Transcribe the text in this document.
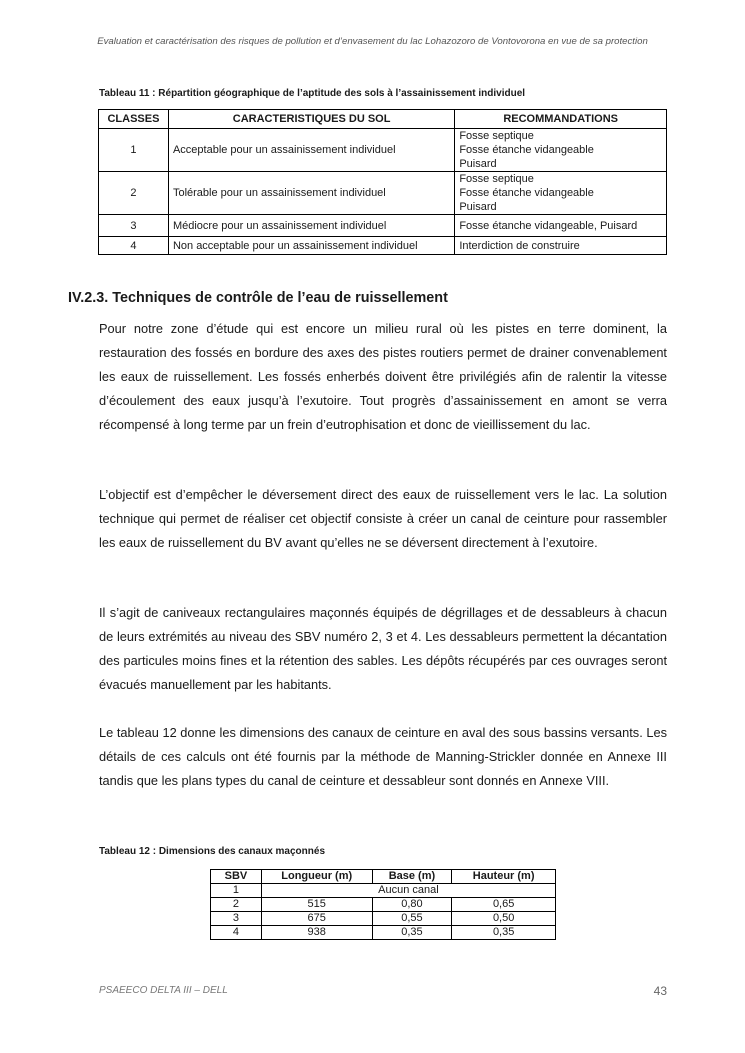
Evaluation et caractérisation des risques de pollution et d’envasement du lac Lohazozoro de Vontovorona en vue de sa protection
Tableau 11 : Répartition géographique de l’aptitude des sols à l’assainissement individuel
CLASSES	CARACTERISTIQUES DU SOL	RECOMMANDATIONS
1	Acceptable pour un assainissement individuel	Fosse septique
Fosse étanche vidangeable
Puisard

2	Tolérable pour un assainissement individuel	Fosse septique
Fosse étanche vidangeable
Puisard

3	Médiocre pour un assainissement individuel	Fosse étanche vidangeable, Puisard
4	Non acceptable pour un assainissement individuel	Interdiction de construire
IV.2.3. Techniques de contrôle de l’eau de ruissellement

Pour notre zone d’étude qui est encore un milieu rural où les pistes en terre dominent, la restauration des fossés en bordure des axes des pistes routiers permet de drainer convenablement les eaux de ruissellement. Les fossés enherbés doivent être privilégiés afin de ralentir la vitesse d’écoulement des eaux jusqu’à l’exutoire. Tout progrès d’assainissement en amont se verra récompensé à long terme par un frein d’eutrophisation et donc de vieillissement du lac.

L’objectif est d’empêcher le déversement direct des eaux de ruissellement vers le lac. La solution technique qui permet de réaliser cet objectif consiste à créer un canal de ceinture pour rassembler les eaux de ruissellement du BV avant qu’elles ne se déversent directement à l’exutoire.

Il s’agit de caniveaux rectangulaires maçonnés équipés de dégrillages et de dessableurs à chacun de leurs extrémités au niveau des SBV numéro 2, 3 et 4. Les dessableurs permettent la décantation des particules moins fines et la rétention des sables. Les dépôts récupérés par ces ouvrages seront évacués manuellement par les habitants.

Le tableau 12 donne les dimensions des canaux de ceinture en aval des sous bassins versants. Les détails de ces calculs ont été fournis par la méthode de Manning-Strickler donnée en Annexe III tandis que les plans types du canal de ceinture et dessableur sont donnés en Annexe VIII.

Tableau 12 : Dimensions des canaux maçonnés
SBV	Longueur (m)	Base (m)	Hauteur (m)
1	Aucun canal		
2	515	0,80	0,65
3	675	0,55	0,50
4	938	0,35	0,35
PSAEECO DELTA III – DELL	43
